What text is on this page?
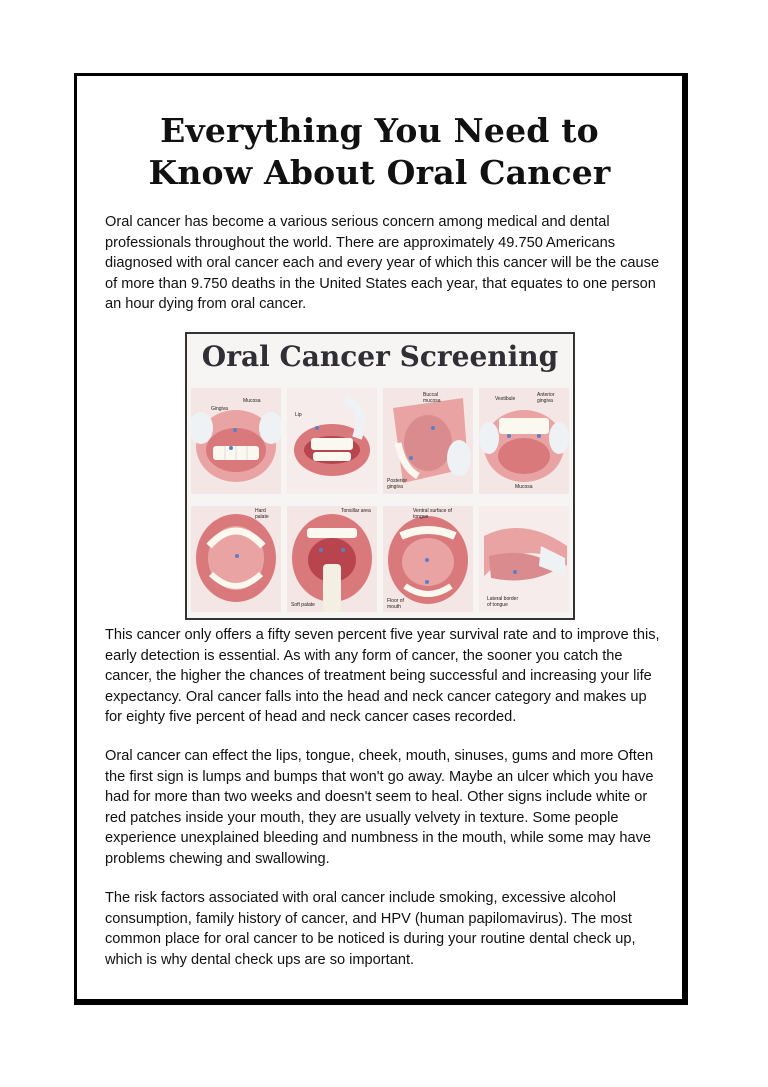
Everything You Need to
Know About Oral Cancer
Oral cancer has become a various serious concern among medical and dental professionals throughout the world. There are approximately 49.750 Americans diagnosed with oral cancer each and every year of which this cancer will be the cause of more than 9.750 deaths in the United States each year, that equates to one person an hour dying from oral cancer.
Oral Cancer Screening
Gingiva
Mucosa
Lip
Buccal mucosa
Posterior gingiva
Vestibule
Anterior gingiva
Mucosa
Hard palate
Tonsillar area
Soft palate
Ventral surface of tongue
Floor of mouth
Lateral border of tongue
This cancer only offers a fifty seven percent five year survival rate and to improve this, early detection is essential. As with any form of cancer, the sooner you catch the cancer, the higher the chances of treatment being successful and increasing your life expectancy. Oral cancer falls into the head and neck cancer category and makes up for eighty five percent of head and neck cancer cases recorded.
Oral cancer can effect the lips, tongue, cheek, mouth, sinuses, gums and more Often the first sign is lumps and bumps that won't go away. Maybe an ulcer which you have had for more than two weeks and doesn't seem to heal. Other signs include white or red patches inside your mouth, they are usually velvety in texture. Some people experience unexplained bleeding and numbness in the mouth, while some may have problems chewing and swallowing.
The risk factors associated with oral cancer include smoking, excessive alcohol consumption, family history of cancer, and HPV (human papilomavirus). The most common place for oral cancer to be noticed is during your routine dental check up, which is why dental check ups are so important.
